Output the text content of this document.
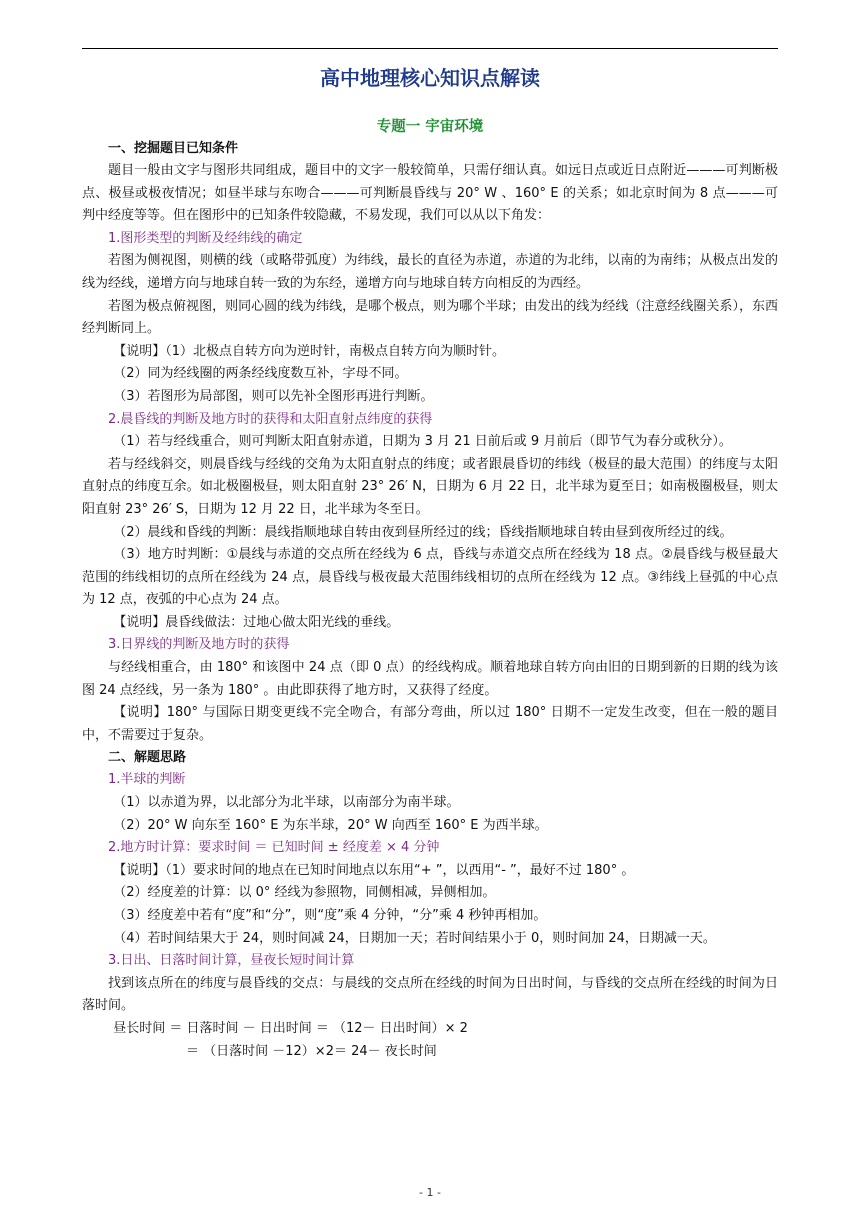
高中地理核心知识点解读
专题一 宇宙环境
一、挖掘题目已知条件

题目一般由文字与图形共同组成，题目中的文字一般较简单，只需仔细认真。如远日点或近日点附近———可判断极点、极昼或极夜情况；如昼半球与东吻合———可判断晨昏线与 20° W 、160° E 的关系；如北京时间为 8 点———可判中经度等等。但在图形中的已知条件较隐藏，不易发现，我们可以从以下角发：

1.图形类型的判断及经纬线的确定

若图为侧视图，则横的线（或略带弧度）为纬线，最长的直径为赤道，赤道的为北纬，以南的为南纬；从极点出发的线为经线，递增方向与地球自转一致的为东经，递增方向与地球自转方向相反的为西经。

若图为极点俯视图，则同心圆的线为纬线，是哪个极点，则为哪个半球；由发出的线为经线（注意经线圈关系），东西经判断同上。

【说明】（1）北极点自转方向为逆时针，南极点自转方向为顺时针。

（2）同为经线圈的两条经线度数互补，字母不同。

（3）若图形为局部图，则可以先补全图形再进行判断。

2.晨昏线的判断及地方时的获得和太阳直射点纬度的获得

（1）若与经线重合，则可判断太阳直射赤道，日期为 3 月 21 日前后或 9 月前后（即节气为春分或秋分）。

若与经线斜交，则晨昏线与经线的交角为太阳直射点的纬度；或者跟晨昏切的纬线（极昼的最大范围）的纬度与太阳直射点的纬度互余。如北极圈极昼，则太阳直射 23° 26′ N，日期为 6 月 22 日，北半球为夏至日；如南极圈极昼，则太阳直射 23° 26′ S，日期为 12 月 22 日，北半球为冬至日。

（2）晨线和昏线的判断：晨线指顺地球自转由夜到昼所经过的线；昏线指顺地球自转由昼到夜所经过的线。

（3）地方时判断：①晨线与赤道的交点所在经线为 6 点，昏线与赤道交点所在经线为 18 点。②晨昏线与极昼最大范围的纬线相切的点所在经线为 24 点，晨昏线与极夜最大范围纬线相切的点所在经线为 12 点。③纬线上昼弧的中心点为 12 点，夜弧的中心点为 24 点。

【说明】晨昏线做法：过地心做太阳光线的垂线。

3.日界线的判断及地方时的获得

与经线相重合，由 180° 和该图中 24 点（即 0 点）的经线构成。顺着地球自转方向由旧的日期到新的日期的线为该图 24 点经线，另一条为 180° 。由此即获得了地方时，又获得了经度。

【说明】180° 与国际日期变更线不完全吻合，有部分弯曲，所以过 180° 日期不一定发生改变，但在一般的题目中，不需要过于复杂。

二、解题思路
1.半球的判断

（1）以赤道为界，以北部分为北半球，以南部分为南半球。

（2）20° W 向东至 160° E 为东半球，20° W 向西至 160° E 为西半球。

2.地方时计算：要求时间 ＝ 已知时间 ± 经度差 × 4 分钟

【说明】（1）要求时间的地点在已知时间地点以东用“+ ”，以西用“- ”，最好不过 180° 。

（2）经度差的计算：以 0° 经线为参照物，同侧相减，异侧相加。

（3）经度差中若有“度”和“分”，则“度”乘 4 分钟，“分”乘 4 秒钟再相加。

（4）若时间结果大于 24，则时间减 24，日期加一天；若时间结果小于 0，则时间加 24，日期减一天。

3.日出、日落时间计算，昼夜长短时间计算

找到该点所在的纬度与晨昏线的交点：与晨线的交点所在经线的时间为日出时间，与昏线的交点所在经线的时间为日落时间。

昼长时间 ＝ 日落时间 － 日出时间 ＝ （12－ 日出时间）× 2
＝ （日落时间 －12）×2＝ 24－ 夜长时间
- 1 -
